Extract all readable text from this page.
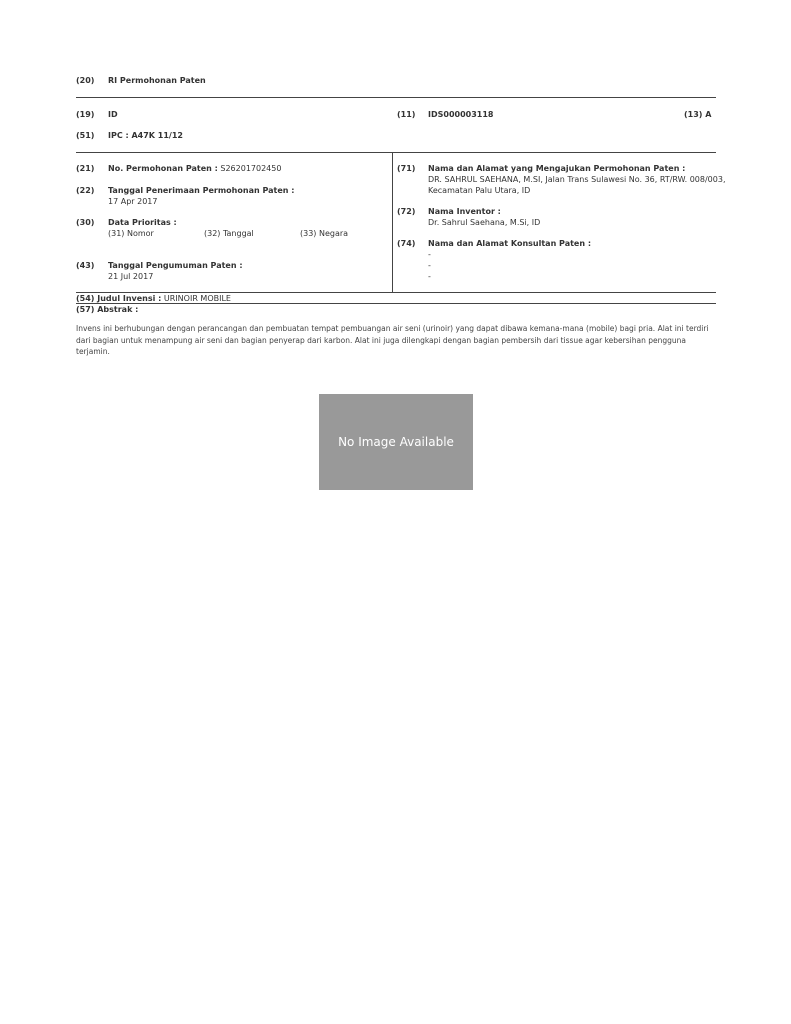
(20) RI Permohonan Paten
(19) ID	(11) IDS000003118	(13) A
(51) IPC : A47K 11/12
(21) No. Permohonan Paten : S26201702450
(22) Tanggal Penerimaan Permohonan Paten :
17 Apr 2017
(30) Data Prioritas :
(31) Nomor	(32) Tanggal	(33) Negara
(43) Tanggal Pengumuman Paten :
21 Jul 2017
(71) Nama dan Alamat yang Mengajukan Permohonan Paten :
DR. SAHRUL SAEHANA, M.SI, Jalan Trans Sulawesi No. 36, RT/RW. 008/003,
Kecamatan Palu Utara, ID
(72) Nama Inventor :
Dr. Sahrul Saehana, M.Si, ID
(74) Nama dan Alamat Konsultan Paten :
-
-
-
(54) Judul Invensi : URINOIR MOBILE
(57) Abstrak :
Invens ini berhubungan dengan perancangan dan pembuatan tempat pembuangan air seni (urinoir) yang dapat dibawa kemana-mana (mobile) bagi pria. Alat ini terdiri dari bagian untuk menampung air seni dan bagian penyerap dari karbon. Alat ini juga dilengkapi dengan bagian pembersih dari tissue agar kebersihan pengguna terjamin.
No Image Available
